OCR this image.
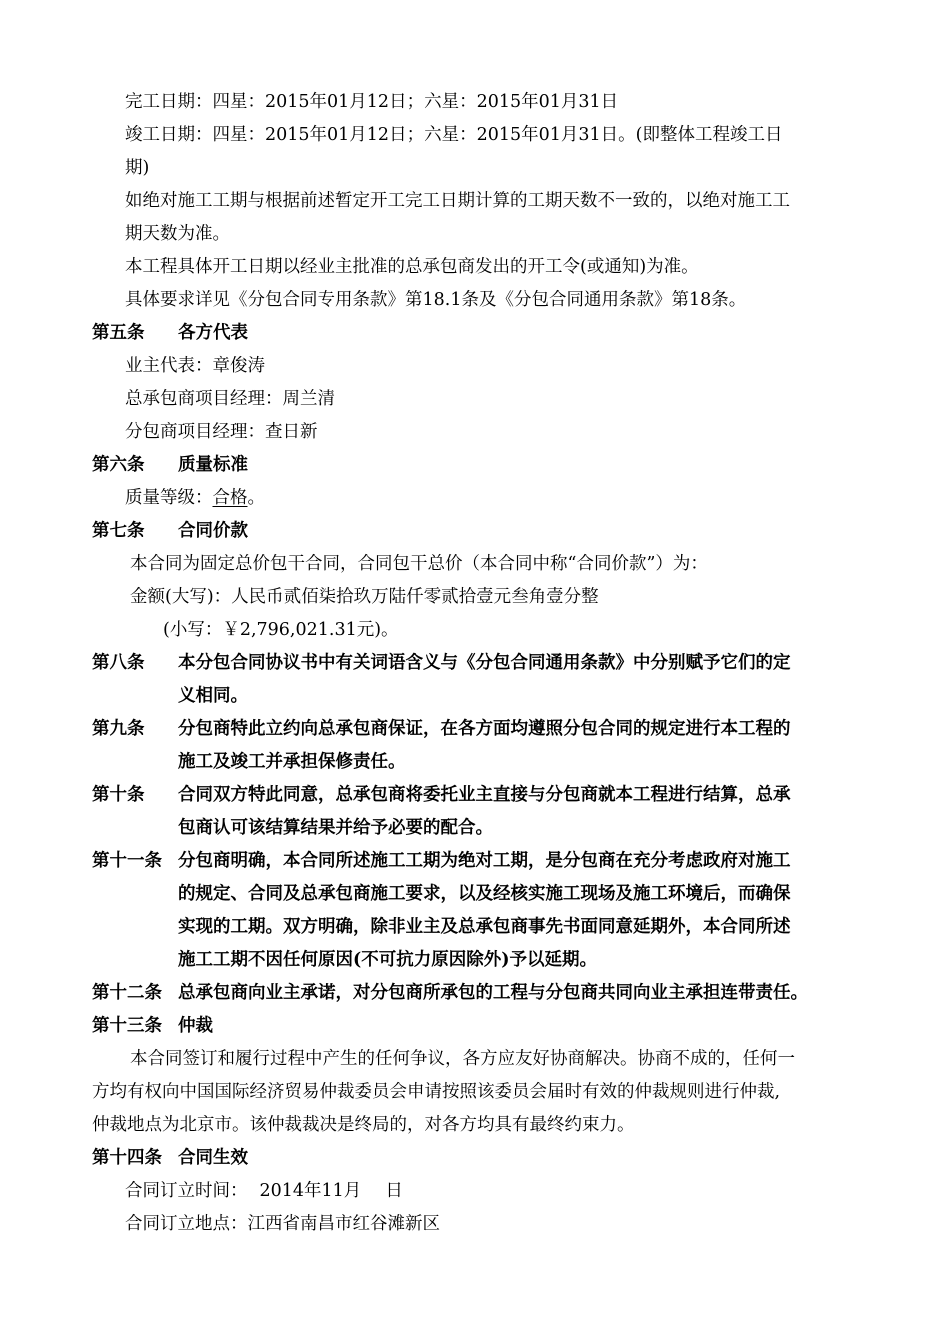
完工日期：四星：2015年01月12日；六星：2015年01月31日
竣工日期：四星：2015年01月12日；六星：2015年01月31日。(即整体工程竣工日
期)
如绝对施工工期与根据前述暂定开工完工日期计算的工期天数不一致的，以绝对施工工
期天数为准。
本工程具体开工日期以经业主批准的总承包商发出的开工令(或通知)为准。
具体要求详见《分包合同专用条款》第18.1条及《分包合同通用条款》第18条。
第五条 各方代表
业主代表：章俊涛
总承包商项目经理：周兰清
分包商项目经理：查日新
第六条 质量标准
质量等级：合格。
第七条 合同价款
本合同为固定总价包干合同，合同包干总价（本合同中称“合同价款”）为：
金额(大写)：人民币贰佰柒拾玖万陆仟零贰拾壹元叁角壹分整
(小写：￥2,796,021.31元)。
第八条 本分包合同协议书中有关词语含义与《分包合同通用条款》中分别赋予它们的定
义相同。
第九条 分包商特此立约向总承包商保证，在各方面均遵照分包合同的规定进行本工程的
施工及竣工并承担保修责任。
第十条 合同双方特此同意，总承包商将委托业主直接与分包商就本工程进行结算，总承
包商认可该结算结果并给予必要的配合。
第十一条 分包商明确，本合同所述施工工期为绝对工期，是分包商在充分考虑政府对施工
的规定、合同及总承包商施工要求，以及经核实施工现场及施工环境后，而确保
实现的工期。双方明确，除非业主及总承包商事先书面同意延期外，本合同所述
施工工期不因任何原因(不可抗力原因除外)予以延期。
第十二条 总承包商向业主承诺，对分包商所承包的工程与分包商共同向业主承担连带责任。
第十三条 仲裁
本合同签订和履行过程中产生的任何争议，各方应友好协商解决。协商不成的，任何一
方均有权向中国国际经济贸易仲裁委员会申请按照该委员会届时有效的仲裁规则进行仲裁,
仲裁地点为北京市。该仲裁裁决是终局的，对各方均具有最终约束力。
第十四条 合同生效
合同订立时间： 2014年11月 日
合同订立地点：江西省南昌市红谷滩新区
